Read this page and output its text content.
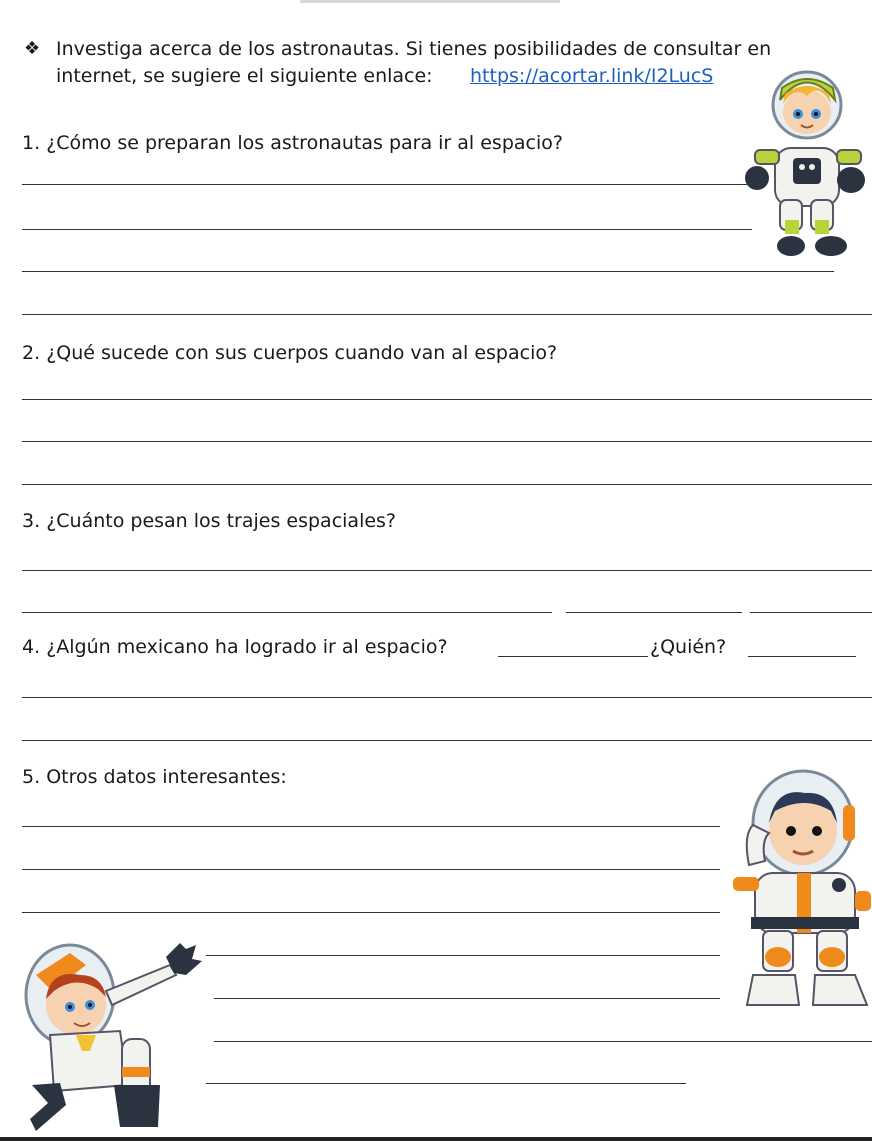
❖ Investiga acerca de los astronautas. Si tienes posibilidades de consultar en
internet, se sugiere el siguiente enlace: https://acortar.link/I2LucS
1. ¿Cómo se preparan los astronautas para ir al espacio?
2. ¿Qué sucede con sus cuerpos cuando van al espacio?
3. ¿Cuánto pesan los trajes espaciales?
4. ¿Algún mexicano ha logrado ir al espacio?	¿Quién?
5. Otros datos interesantes:
